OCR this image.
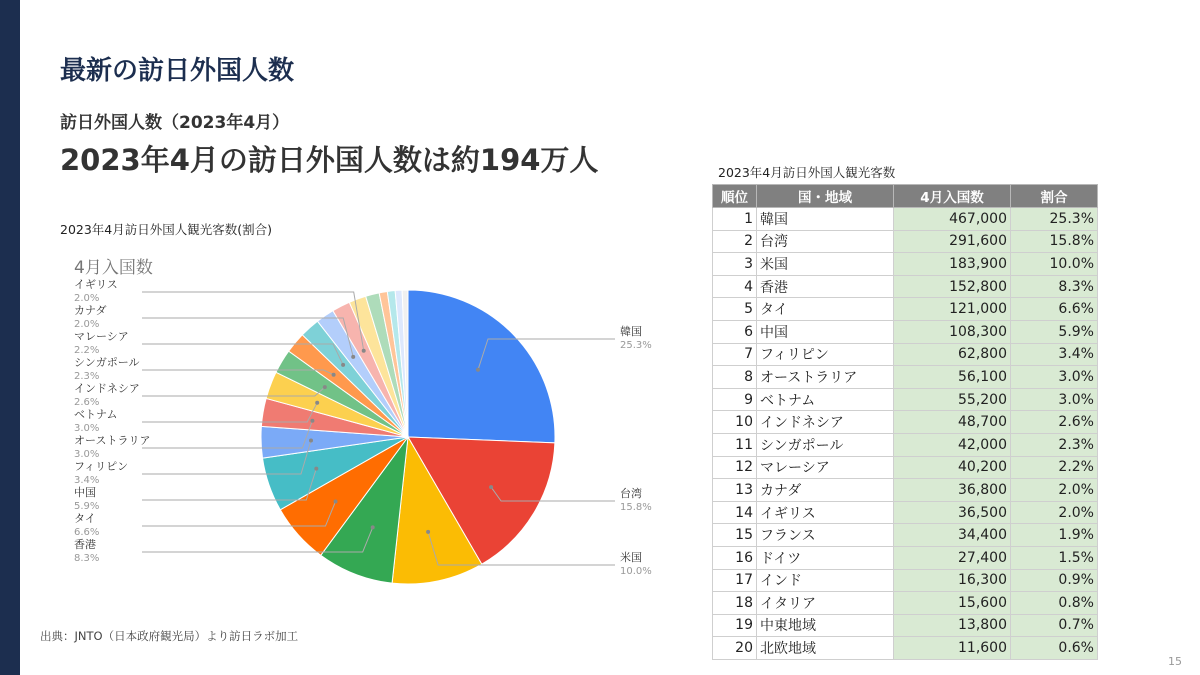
最新の訪日外国人数
訪日外国人数（2023年4月）
2023年4月の訪日外国人数は約194万人
2023年4月訪日外国人観光客数(割合)
4月入国数
韓国
25.3%
台湾
15.8%
米国
10.0%
香港
8.3%
タイ
6.6%
中国
5.9%
フィリピン
3.4%
オーストラリア
3.0%
ベトナム
3.0%
インドネシア
2.6%
シンガポール
2.3%
マレーシア
2.2%
カナダ
2.0%
イギリス
2.0%
出典：JNTO（日本政府観光局）より訪日ラボ加工
2023年4月訪日外国人観光客数
順位	国・地域	4月入国数	割合
1	韓国	467,000	25.3%
2	台湾	291,600	15.8%
3	米国	183,900	10.0%
4	香港	152,800	8.3%
5	タイ	121,000	6.6%
6	中国	108,300	5.9%
7	フィリピン	62,800	3.4%
8	オーストラリア	56,100	3.0%
9	ベトナム	55,200	3.0%
10	インドネシア	48,700	2.6%
11	シンガポール	42,000	2.3%
12	マレーシア	40,200	2.2%
13	カナダ	36,800	2.0%
14	イギリス	36,500	2.0%
15	フランス	34,400	1.9%
16	ドイツ	27,400	1.5%
17	インド	16,300	0.9%
18	イタリア	15,600	0.8%
19	中東地域	13,800	0.7%
20	北欧地域	11,600	0.6%
15
